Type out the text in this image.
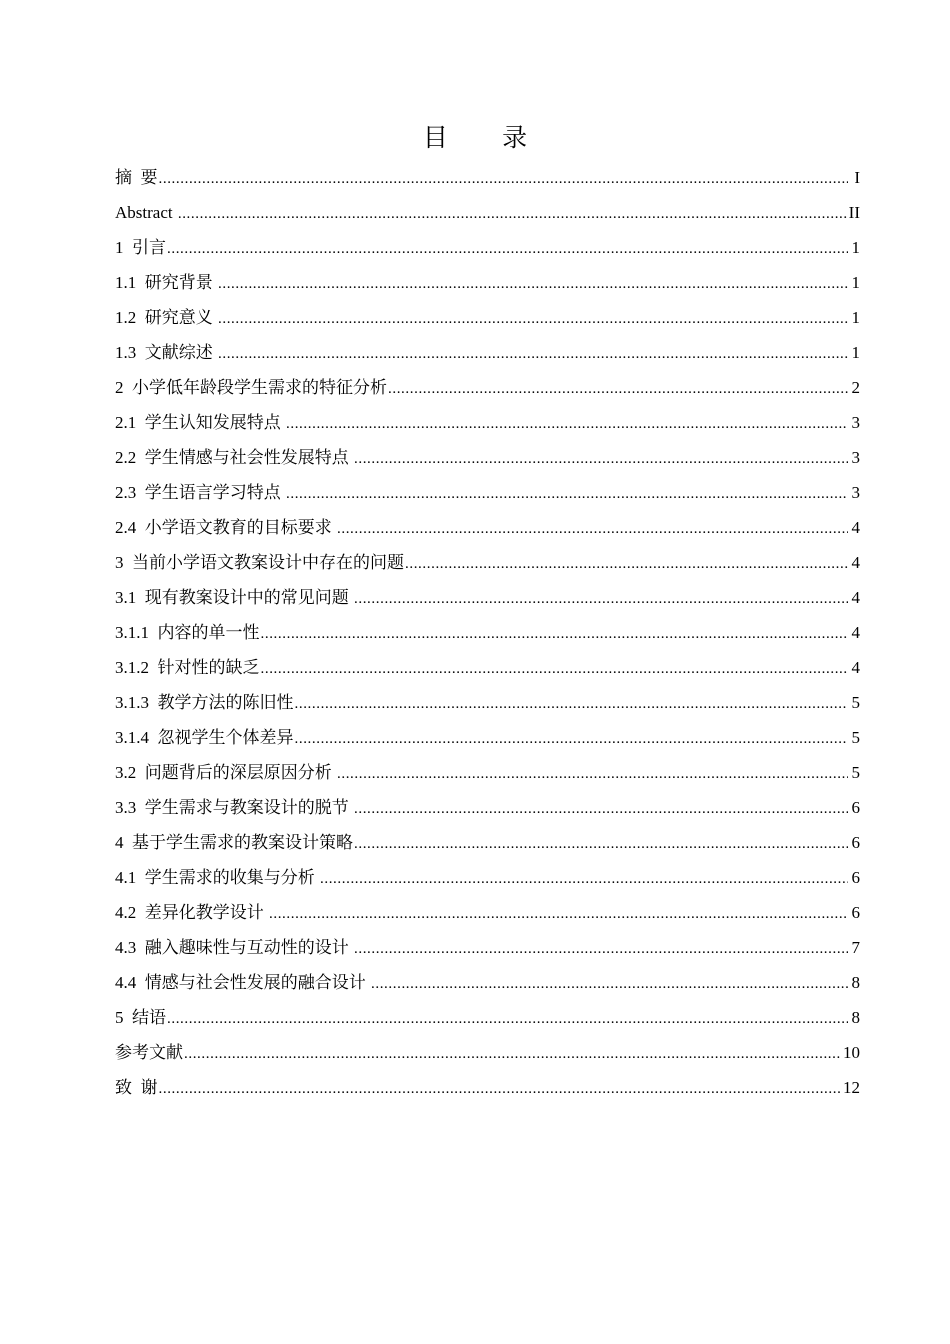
目 录
摘  要 .....	I
Abstract .....	II
1  引言 .....	1
1.1  研究背景 .....	1
1.2  研究意义 .....	1
1.3  文献综述 .....	1
2  小学低年龄段学生需求的特征分析 .....	2
2.1  学生认知发展特点 .....	3
2.2  学生情感与社会性发展特点 .....	3
2.3  学生语言学习特点 .....	3
2.4  小学语文教育的目标要求 .....	4
3  当前小学语文教案设计中存在的问题 .....	4
3.1  现有教案设计中的常见问题 .....	4
3.1.1  内容的单一性 .....	4
3.1.2  针对性的缺乏 .....	4
3.1.3  教学方法的陈旧性 .....	5
3.1.4  忽视学生个体差异 .....	5
3.2  问题背后的深层原因分析 .....	5
3.3  学生需求与教案设计的脱节 .....	6
4  基于学生需求的教案设计策略 .....	6
4.1  学生需求的收集与分析 .....	6
4.2  差异化教学设计 .....	6
4.3  融入趣味性与互动性的设计 .....	7
4.4  情感与社会性发展的融合设计 .....	8
5  结语 .....	8
参考文献 .....	10
致  谢 .....	12
